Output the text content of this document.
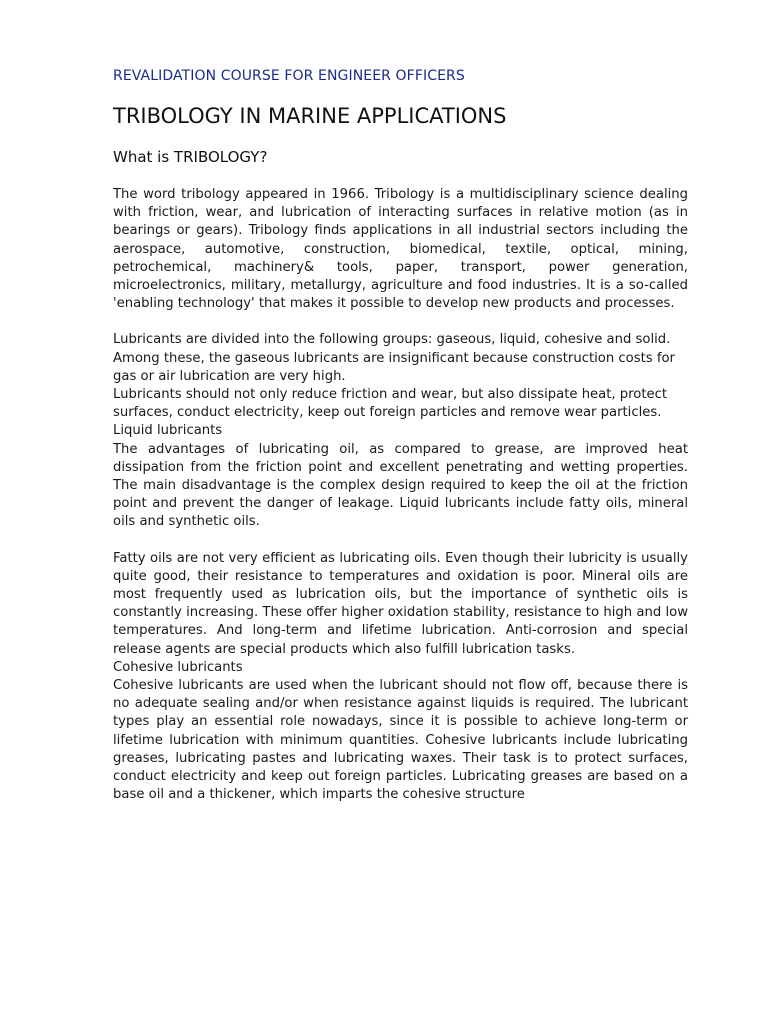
REVALIDATION COURSE FOR ENGINEER OFFICERS
TRIBOLOGY IN MARINE APPLICATIONS
What is TRIBOLOGY?

The word tribology appeared in 1966. Tribology is a multidisciplinary science dealing with friction, wear, and lubrication of interacting surfaces in relative motion (as in bearings or gears). Tribology finds applications in all industrial sectors including the aerospace, automotive, construction, biomedical, textile, optical, mining, petrochemical, machinery& tools, paper, transport, power generation, microelectronics, military, metallurgy, agriculture and food industries. It is a so-called 'enabling technology' that makes it possible to develop new products and processes.

Lubricants are divided into the following groups: gaseous, liquid, cohesive and solid.

Among these, the gaseous lubricants are insignificant because construction costs for gas or air lubrication are very high.

Lubricants should not only reduce friction and wear, but also dissipate heat, protect surfaces, conduct electricity, keep out foreign particles and remove wear particles.

Liquid lubricants

The advantages of lubricating oil, as compared to grease, are improved heat dissipation from the friction point and excellent penetrating and wetting properties. The main disadvantage is the complex design required to keep the oil at the friction point and prevent the danger of leakage. Liquid lubricants include fatty oils, mineral oils and synthetic oils.

Fatty oils are not very efficient as lubricating oils. Even though their lubricity is usually quite good, their resistance to temperatures and oxidation is poor. Mineral oils are most frequently used as lubrication oils, but the importance of synthetic oils is constantly increasing. These offer higher oxidation stability, resistance to high and low temperatures. And long-term and lifetime lubrication. Anti-corrosion and special release agents are special products which also fulfill lubrication tasks.

Cohesive lubricants

Cohesive lubricants are used when the lubricant should not flow off, because there is no adequate sealing and/or when resistance against liquids is required. The lubricant types play an essential role nowadays, since it is possible to achieve long-term or lifetime lubrication with minimum quantities. Cohesive lubricants include lubricating greases, lubricating pastes and lubricating waxes. Their task is to protect surfaces, conduct electricity and keep out foreign particles. Lubricating greases are based on a base oil and a thickener, which imparts the cohesive structure
